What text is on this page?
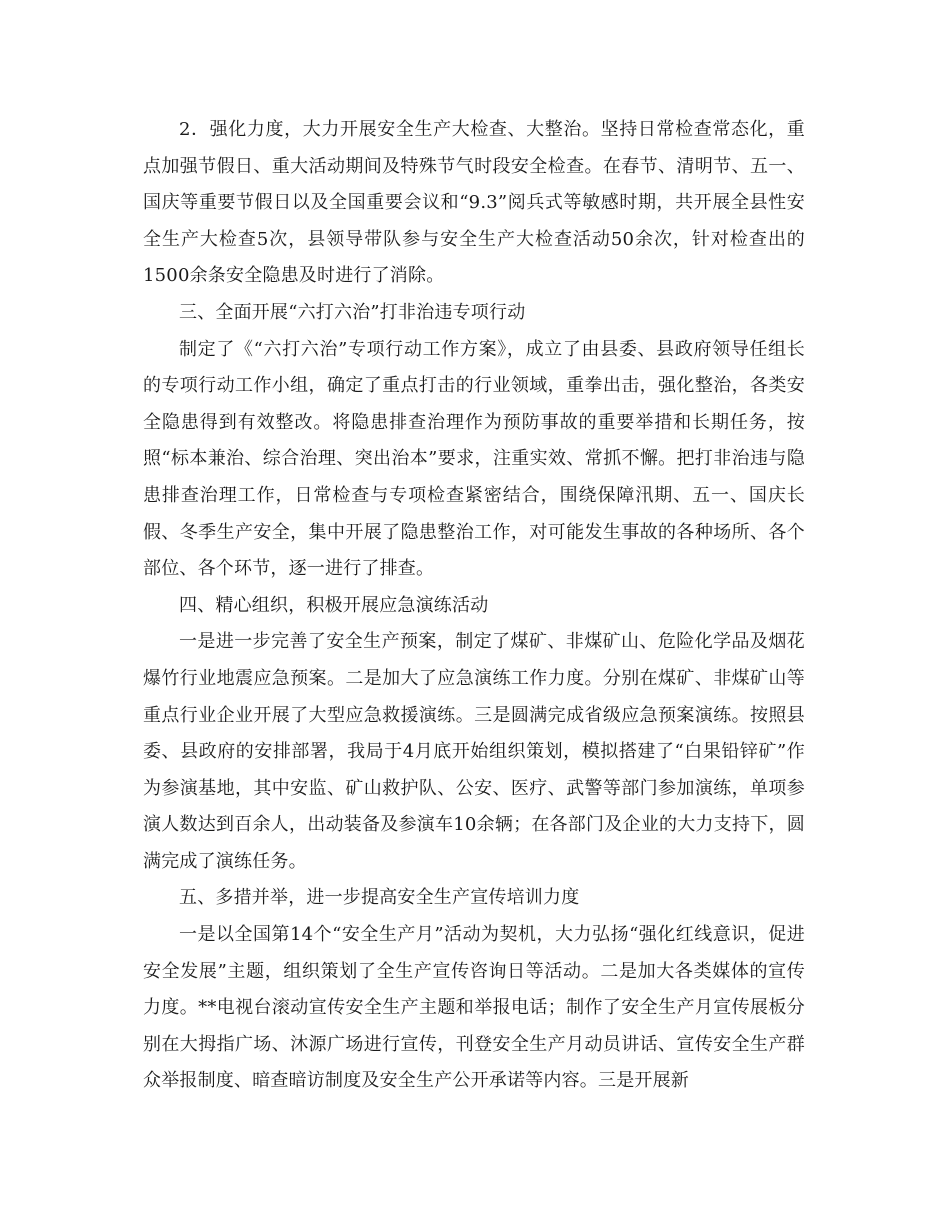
2．强化力度，大力开展安全生产大检查、大整治。坚持日常检查常态化，重点加强节假日、重大活动期间及特殊节气时段安全检查。在春节、清明节、五一、国庆等重要节假日以及全国重要会议和“9.3”阅兵式等敏感时期，共开展全县性安全生产大检查5次，县领导带队参与安全生产大检查活动50余次，针对检查出的1500余条安全隐患及时进行了消除。

三、全面开展“六打六治”打非治违专项行动

制定了《“六打六治”专项行动工作方案》，成立了由县委、县政府领导任组长的专项行动工作小组，确定了重点打击的行业领域，重拳出击，强化整治，各类安全隐患得到有效整改。将隐患排查治理作为预防事故的重要举措和长期任务，按照“标本兼治、综合治理、突出治本”要求，注重实效、常抓不懈。把打非治违与隐患排查治理工作，日常检查与专项检查紧密结合，围绕保障汛期、五一、国庆长假、冬季生产安全，集中开展了隐患整治工作，对可能发生事故的各种场所、各个部位、各个环节，逐一进行了排查。

四、精心组织，积极开展应急演练活动

一是进一步完善了安全生产预案，制定了煤矿、非煤矿山、危险化学品及烟花爆竹行业地震应急预案。二是加大了应急演练工作力度。分别在煤矿、非煤矿山等重点行业企业开展了大型应急救援演练。三是圆满完成省级应急预案演练。按照县委、县政府的安排部署，我局于4月底开始组织策划，模拟搭建了“白果铅锌矿”作为参演基地，其中安监、矿山救护队、公安、医疗、武警等部门参加演练，单项参演人数达到百余人，出动装备及参演车10余辆；在各部门及企业的大力支持下，圆满完成了演练任务。

五、多措并举，进一步提高安全生产宣传培训力度

一是以全国第14个“安全生产月”活动为契机，大力弘扬“强化红线意识，促进安全发展”主题，组织策划了全生产宣传咨询日等活动。二是加大各类媒体的宣传力度。**电视台滚动宣传安全生产主题和举报电话；制作了安全生产月宣传展板分别在大拇指广场、沐源广场进行宣传，刊登安全生产月动员讲话、宣传安全生产群众举报制度、暗查暗访制度及安全生产公开承诺等内容。三是开展新
